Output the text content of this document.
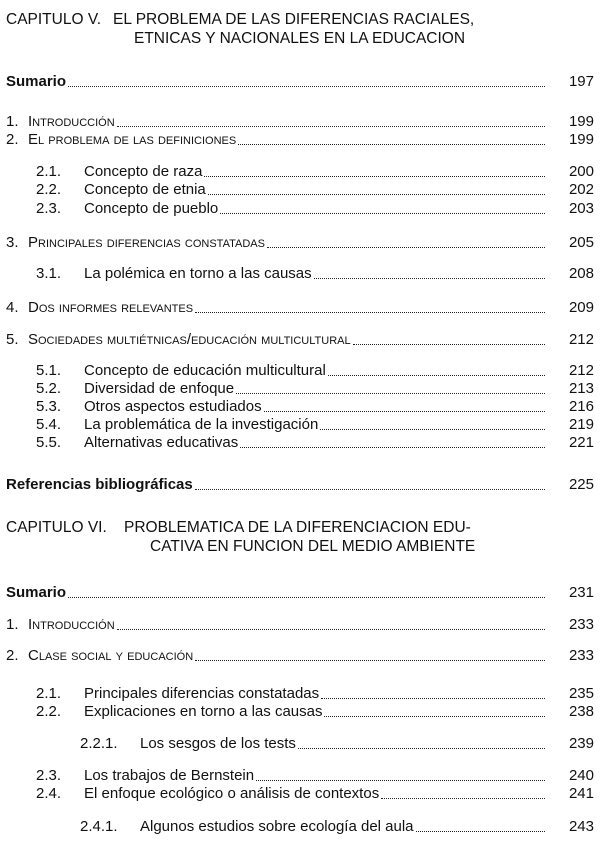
CAPITULO V. EL PROBLEMA DE LAS DIFERENCIAS RACIALES,
ETNICAS Y NACIONALES EN LA EDUCACION
Sumario	197
1. Introducción	199
2. El problema de las definiciones	199
2.1. Concepto de raza	200
2.2. Concepto de etnia	202
2.3. Concepto de pueblo	203
3. Principales diferencias constatadas	205
3.1. La polémica en torno a las causas	208
4. Dos informes relevantes	209
5. Sociedades multiétnicas/educación multicultural	212
5.1. Concepto de educación multicultural	212
5.2. Diversidad de enfoque	213
5.3. Otros aspectos estudiados	216
5.4. La problemática de la investigación	219
5.5. Alternativas educativas	221
Referencias bibliográficas	225
CAPITULO VI. PROBLEMATICA DE LA DIFERENCIACION EDU-
CATIVA EN FUNCION DEL MEDIO AMBIENTE
Sumario	231
1. Introducción	233
2. Clase social y educación	233
2.1. Principales diferencias constatadas	235
2.2. Explicaciones en torno a las causas	238
2.2.1. Los sesgos de los tests	239
2.3. Los trabajos de Bernstein	240
2.4. El enfoque ecológico o análisis de contextos	241
2.4.1. Algunos estudios sobre ecología del aula	243
